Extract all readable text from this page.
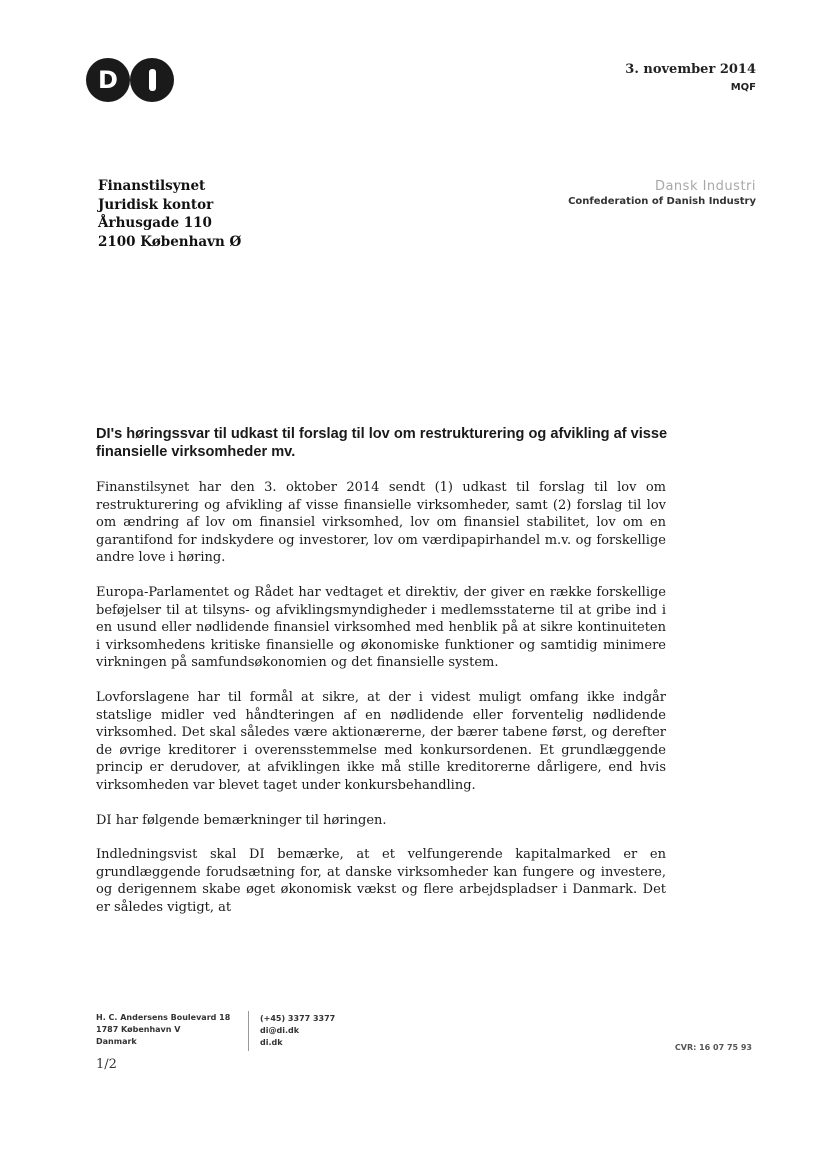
D	3. november 2014
MQF
Finanstilsynet
Juridisk kontor
Århusgade 110
2100 København Ø
Dansk Industri
Confederation of Danish Industry
DI's høringssvar til udkast til forslag til lov om restrukturering og afvikling af visse finansielle virksomheder mv.

Finanstilsynet har den 3. oktober 2014 sendt (1) udkast til forslag til lov om restrukturering og afvikling af visse finansielle virksomheder, samt (2) forslag til lov om ændring af lov om finansiel virksomhed, lov om finansiel stabilitet, lov om en garantifond for indskydere og investorer, lov om værdipapirhandel m.v. og forskellige andre love i høring.

Europa-Parlamentet og Rådet har vedtaget et direktiv, der giver en række forskellige beføjelser til at tilsyns- og afviklingsmyndigheder i medlemsstaterne til at gribe ind i en usund eller nødlidende finansiel virksomhed med henblik på at sikre kontinuiteten i virksomhedens kritiske finansielle og økonomiske funktioner og samtidig minimere virkningen på samfundsøkonomien og det finansielle system.

Lovforslagene har til formål at sikre, at der i videst muligt omfang ikke indgår statslige midler ved håndteringen af en nødlidende eller forventelig nødlidende virksomhed. Det skal således være aktionærerne, der bærer tabene først, og derefter de øvrige kreditorer i overensstemmelse med konkursordenen. Et grundlæggende princip er derudover, at afviklingen ikke må stille kreditorerne dårligere, end hvis virksomheden var blevet taget under konkursbehandling.

DI har følgende bemærkninger til høringen.

Indledningsvist skal DI bemærke, at et velfungerende kapitalmarked er en grundlæggende forudsætning for, at danske virksomheder kan fungere og investere, og derigennem skabe øget økonomisk vækst og flere arbejdspladser i Danmark. Det er således vigtigt, at

H. C. Andersens Boulevard 18
1787 København V
Danmark
(+45) 3377 3377
di@di.dk
di.dk
1/2
CVR: 16 07 75 93
